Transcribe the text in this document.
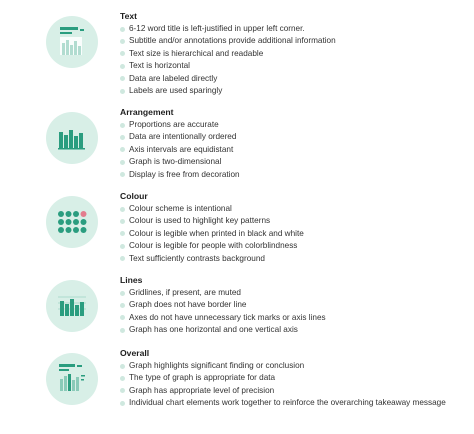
Text
6-12 word title is left-justified in upper left corner.
Subtitle and/or annotations provide additional information
Text size is hierarchical and readable
Text is horizontal
Data are labeled directly
Labels are used sparingly
Arrangement
Proportions are accurate
Data are intentionally ordered
Axis intervals are equidistant
Graph is two-dimensional
Display is free from decoration
Colour
Colour scheme is intentional
Colour is used to highlight key patterns
Colour is legible when printed in black and white
Colour is legible for people with colorblindness
Text sufficiently contrasts background
Lines
Gridlines, if present, are muted
Graph does not have border line
Axes do not have unnecessary tick marks or axis lines
Graph has one horizontal and one vertical axis
Overall
Graph highlights significant finding or conclusion
The type of graph is appropriate for data
Graph has appropriate level of precision
Individual chart elements work together to reinforce the overarching takeaway message
